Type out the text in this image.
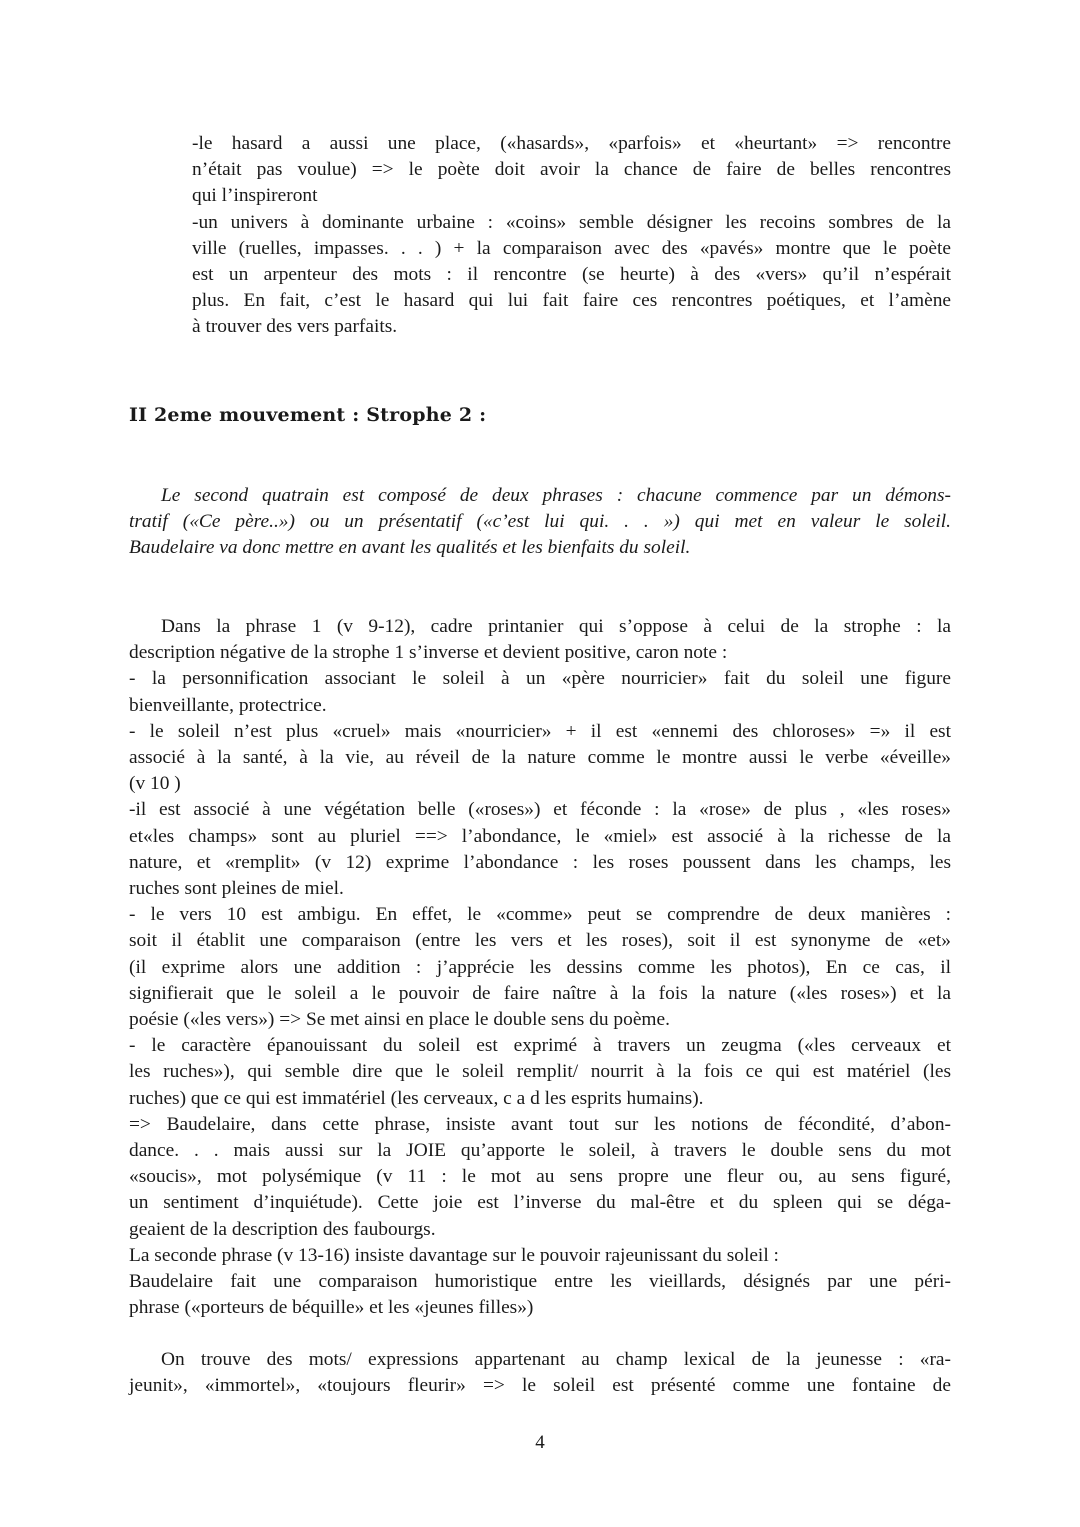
-le hasard a aussi une place, («hasards», «parfois» et «heurtant» => rencontre
n’était pas voulue) => le poète doit avoir la chance de faire de belles rencontres
qui l’inspireront
-un univers à dominante urbaine : «coins» semble désigner les recoins sombres de la
ville (ruelles, impasses. . . ) + la comparaison avec des «pavés» montre que le poète
est un arpenteur des mots : il rencontre (se heurte) à des «vers» qu’il n’espérait
plus. En fait, c’est le hasard qui lui fait faire ces rencontres poétiques, et l’amène
à trouver des vers parfaits.
II 2eme mouvement : Strophe 2 :
Le second quatrain est composé de deux phrases : chacune commence par un démons-
tratif («Ce père..») ou un présentatif («c’est lui qui. . . ») qui met en valeur le soleil.
Baudelaire va donc mettre en avant les qualités et les bienfaits du soleil.
Dans la phrase 1 (v 9-12), cadre printanier qui s’oppose à celui de la strophe : la
description négative de la strophe 1 s’inverse et devient positive, caron note :
- la personnification associant le soleil à un «père nourricier» fait du soleil une figure
bienveillante, protectrice.
- le soleil n’est plus «cruel» mais «nourricier» + il est «ennemi des chloroses» =» il est
associé à la santé, à la vie, au réveil de la nature comme le montre aussi le verbe «éveille»
(v 10 )
-il est associé à une végétation belle («roses») et féconde : la «rose» de plus , «les roses»
et«les champs» sont au pluriel ==> l’abondance, le «miel» est associé à la richesse de la
nature, et «remplit» (v 12) exprime l’abondance : les roses poussent dans les champs, les
ruches sont pleines de miel.
- le vers 10 est ambigu. En effet, le «comme» peut se comprendre de deux manières :
soit il établit une comparaison (entre les vers et les roses), soit il est synonyme de «et»
(il exprime alors une addition : j’apprécie les dessins comme les photos), En ce cas, il
signifierait que le soleil a le pouvoir de faire naître à la fois la nature («les roses») et la
poésie («les vers») => Se met ainsi en place le double sens du poème.
- le caractère épanouissant du soleil est exprimé à travers un zeugma («les cerveaux et
les ruches»), qui semble dire que le soleil remplit/ nourrit à la fois ce qui est matériel (les
ruches) que ce qui est immatériel (les cerveaux, c a d les esprits humains).
=> Baudelaire, dans cette phrase, insiste avant tout sur les notions de fécondité, d’abon-
dance. . . mais aussi sur la JOIE qu’apporte le soleil, à travers le double sens du mot
«soucis», mot polysémique (v 11 : le mot au sens propre une fleur ou, au sens figuré,
un sentiment d’inquiétude). Cette joie est l’inverse du mal-être et du spleen qui se déga-
geaient de la description des faubourgs.
La seconde phrase (v 13-16) insiste davantage sur le pouvoir rajeunissant du soleil :
Baudelaire fait une comparaison humoristique entre les vieillards, désignés par une péri-
phrase («porteurs de béquille» et les «jeunes filles»)
On trouve des mots/ expressions appartenant au champ lexical de la jeunesse : «ra-
jeunit», «immortel», «toujours fleurir» => le soleil est présenté comme une fontaine de
4
